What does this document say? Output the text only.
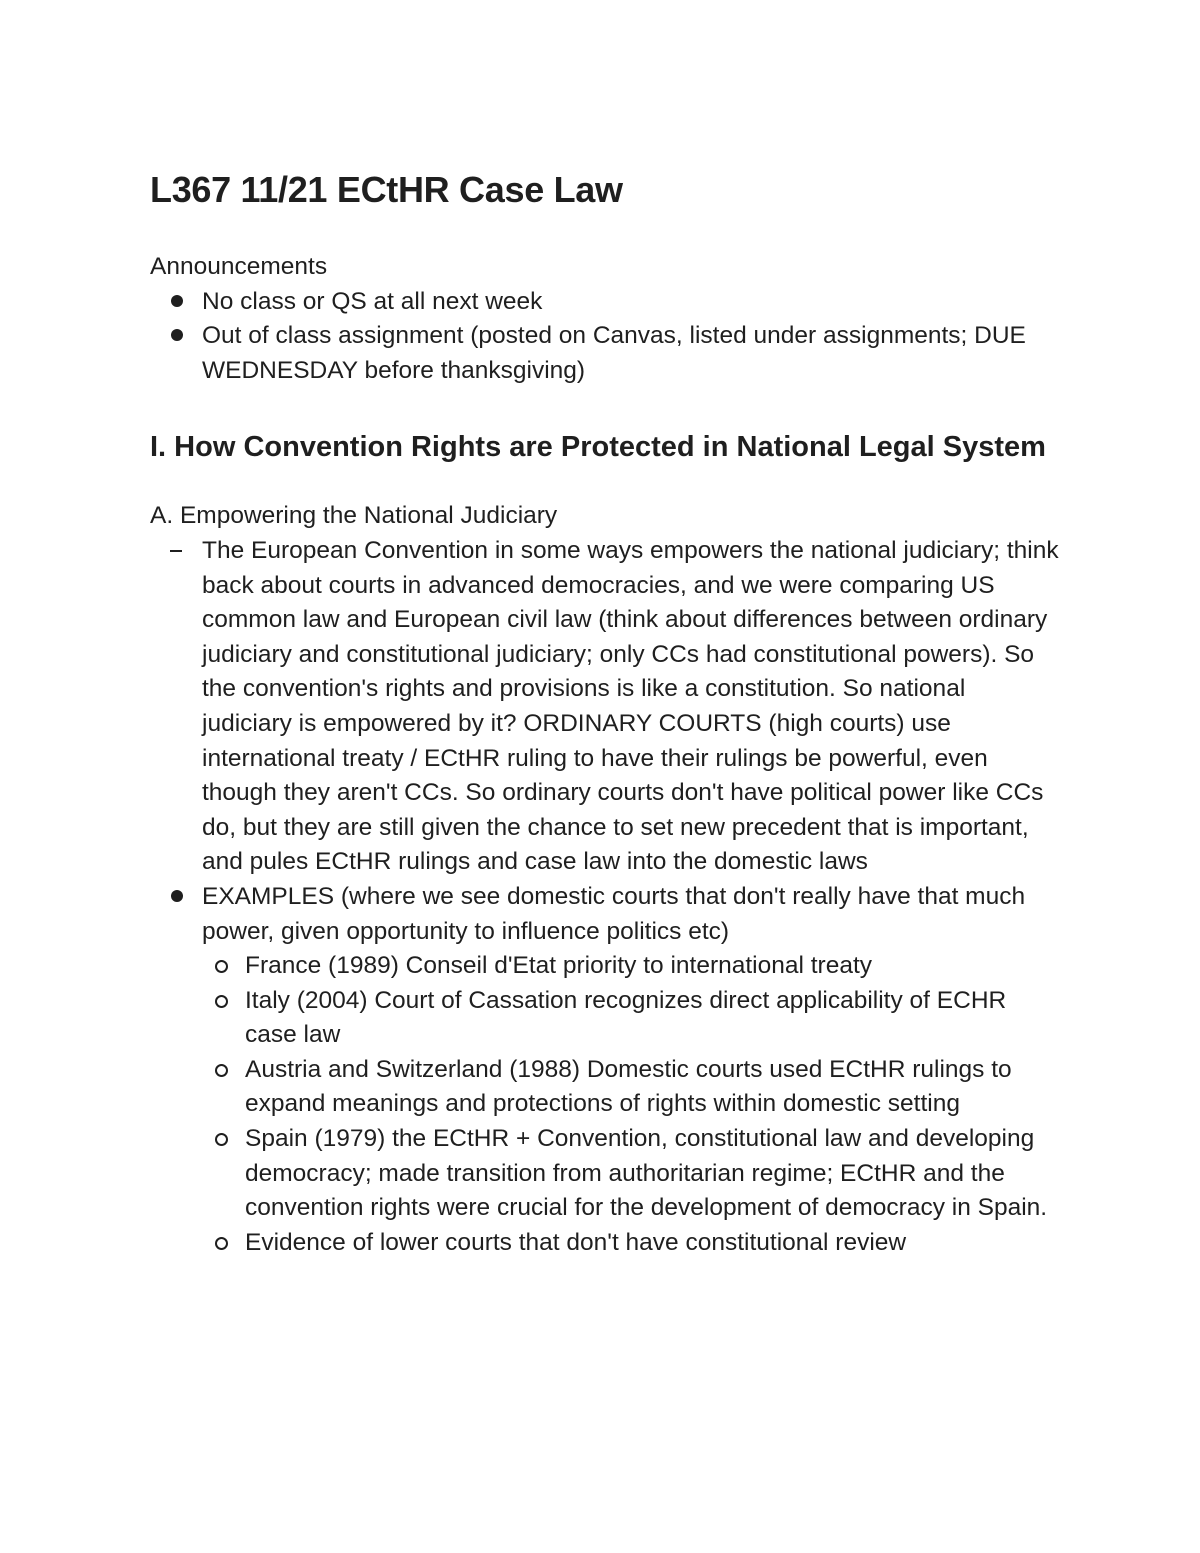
L367 11/21 ECtHR Case Law
Announcements
No class or QS at all next week
Out of class assignment (posted on Canvas, listed under assignments; DUE WEDNESDAY before thanksgiving)
I. How Convention Rights are Protected in National Legal System
A. Empowering the National Judiciary
The European Convention in some ways empowers the national judiciary; think back about courts in advanced democracies, and we were comparing US common law and European civil law (think about differences between ordinary judiciary and constitutional judiciary; only CCs had constitutional powers). So the convention's rights and provisions is like a constitution. So national judiciary is empowered by it? ORDINARY COURTS (high courts) use international treaty / ECtHR ruling to have their rulings be powerful, even though they aren't CCs. So ordinary courts don't have political power like CCs do, but they are still given the chance to set new precedent that is important, and pules ECtHR rulings and case law into the domestic laws
EXAMPLES (where we see domestic courts that don't really have that much power, given opportunity to influence politics etc)
France (1989) Conseil d'Etat priority to international treaty
Italy (2004) Court of Cassation recognizes direct applicability of ECHR case law
Austria and Switzerland (1988) Domestic courts used ECtHR rulings to expand meanings and protections of rights within domestic setting
Spain (1979) the ECtHR + Convention, constitutional law and developing democracy; made transition from authoritarian regime; ECtHR and the convention rights were crucial for the development of democracy in Spain.
Evidence of lower courts that don't have constitutional review
